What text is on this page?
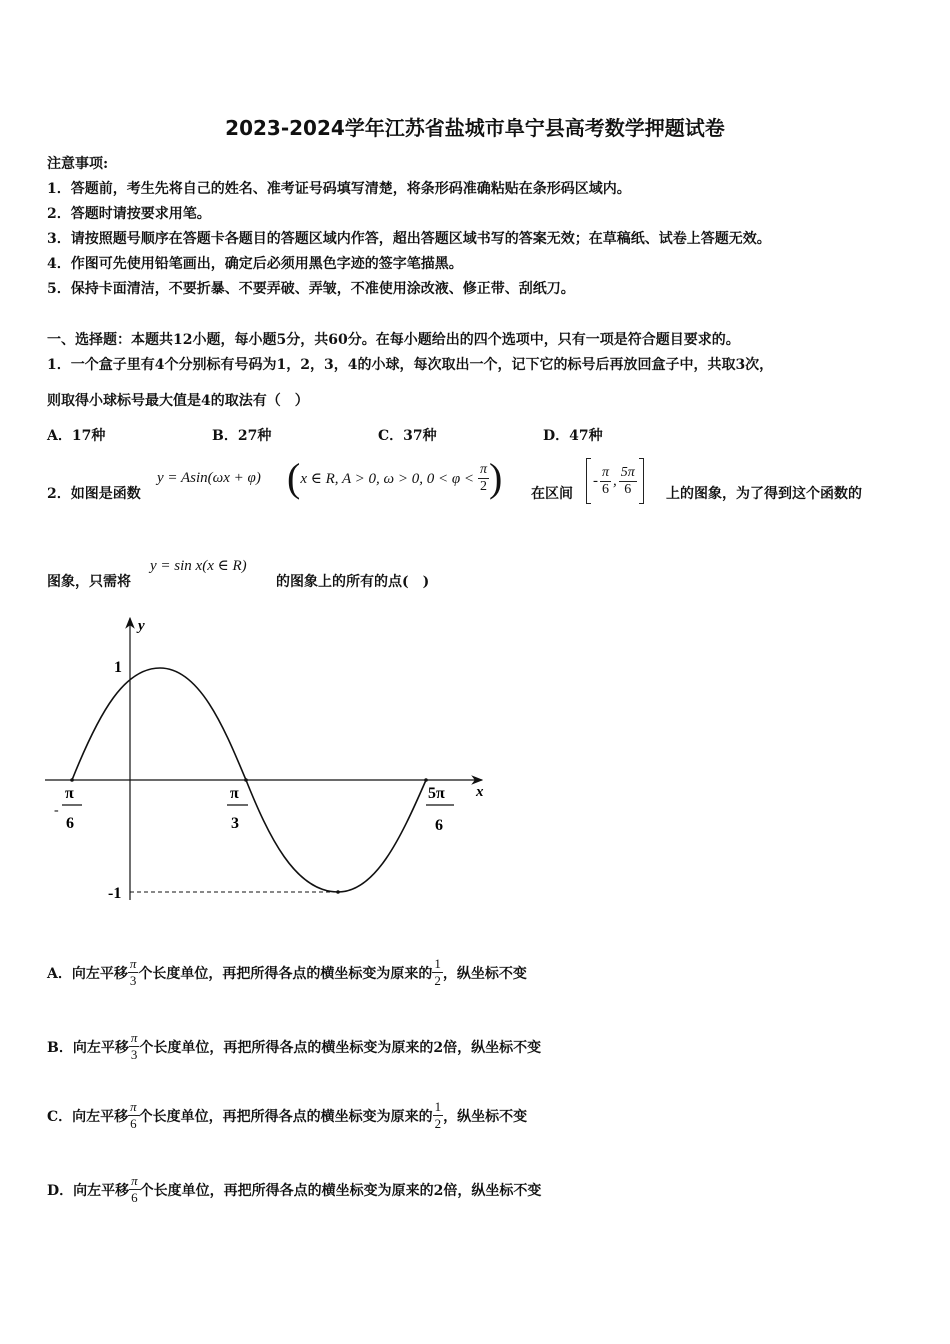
2023-2024学年江苏省盐城市阜宁县高考数学押题试卷
注意事项:
1．答题前，考生先将自己的姓名、准考证号码填写清楚，将条形码准确粘贴在条形码区域内。
2．答题时请按要求用笔。
3．请按照题号顺序在答题卡各题目的答题区域内作答，超出答题区域书写的答案无效；在草稿纸、试卷上答题无效。
4．作图可先使用铅笔画出，确定后必须用黑色字迹的签字笔描黑。
5．保持卡面清洁，不要折暴、不要弄破、弄皱，不准使用涂改液、修正带、刮纸刀。
一、选择题：本题共12小题，每小题5分，共60分。在每小题给出的四个选项中，只有一项是符合题目要求的。
1．一个盒子里有4个分别标有号码为1，2，3，4的小球，每次取出一个，记下它的标号后再放回盒子中，共取3次，
则取得小球标号最大值是4的取法有（　）
A．17种	B．27种	C．37种	D．47种
2．如图是函数
y = Asin(ωx + φ) ( x ∈ R, A > 0, ω > 0, $0 < \varphi < \frac{\pi}{2}$ ) 在区间
- $\frac{\pi}{6}$ , $\frac{5\pi}{6}$ 上的图象，为了得到这个函数的
图象，只需将
y = sin x(x ∈ R)
的图象上的所有的点(　)
y
x
1
-1
-
π
6
π
3
5π
6
A．向左平移 $\frac{\pi}{3}$ 个长度单位，再把所得各点的横坐标变为原来的 $\frac{1}{2}$ ，纵坐标不变
B．向左平移 $\frac{\pi}{3}$ 个长度单位，再把所得各点的横坐标变为原来的2倍，纵坐标不变
C．向左平移 $\frac{\pi}{6}$ 个长度单位，再把所得各点的横坐标变为原来的 $\frac{1}{2}$ ，纵坐标不变
D．向左平移 $\frac{\pi}{6}$ 个长度单位，再把所得各点的横坐标变为原来的2倍，纵坐标不变
